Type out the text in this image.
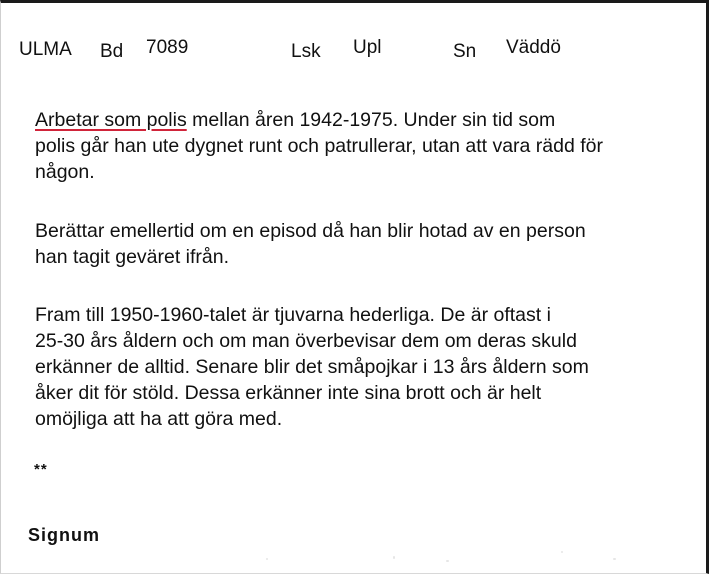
ULMA Bd 7089	Lsk Upl	Sn Väddö

Arbetar som polis mellan åren 1942-1975. Under sin tid som
polis går han ute dygnet runt och patrullerar, utan att vara rädd för
någon.

Berättar emellertid om en episod då han blir hotad av en person
han tagit geväret ifrån.

Fram till 1950-1960-talet är tjuvarna hederliga. De är oftast i
25-30 års åldern och om man överbevisar dem om deras skuld
erkänner de alltid. Senare blir det småpojkar i 13 års åldern som
åker dit för stöld. Dessa erkänner inte sina brott och är helt
omöjliga att ha att göra med.

**
Signum
